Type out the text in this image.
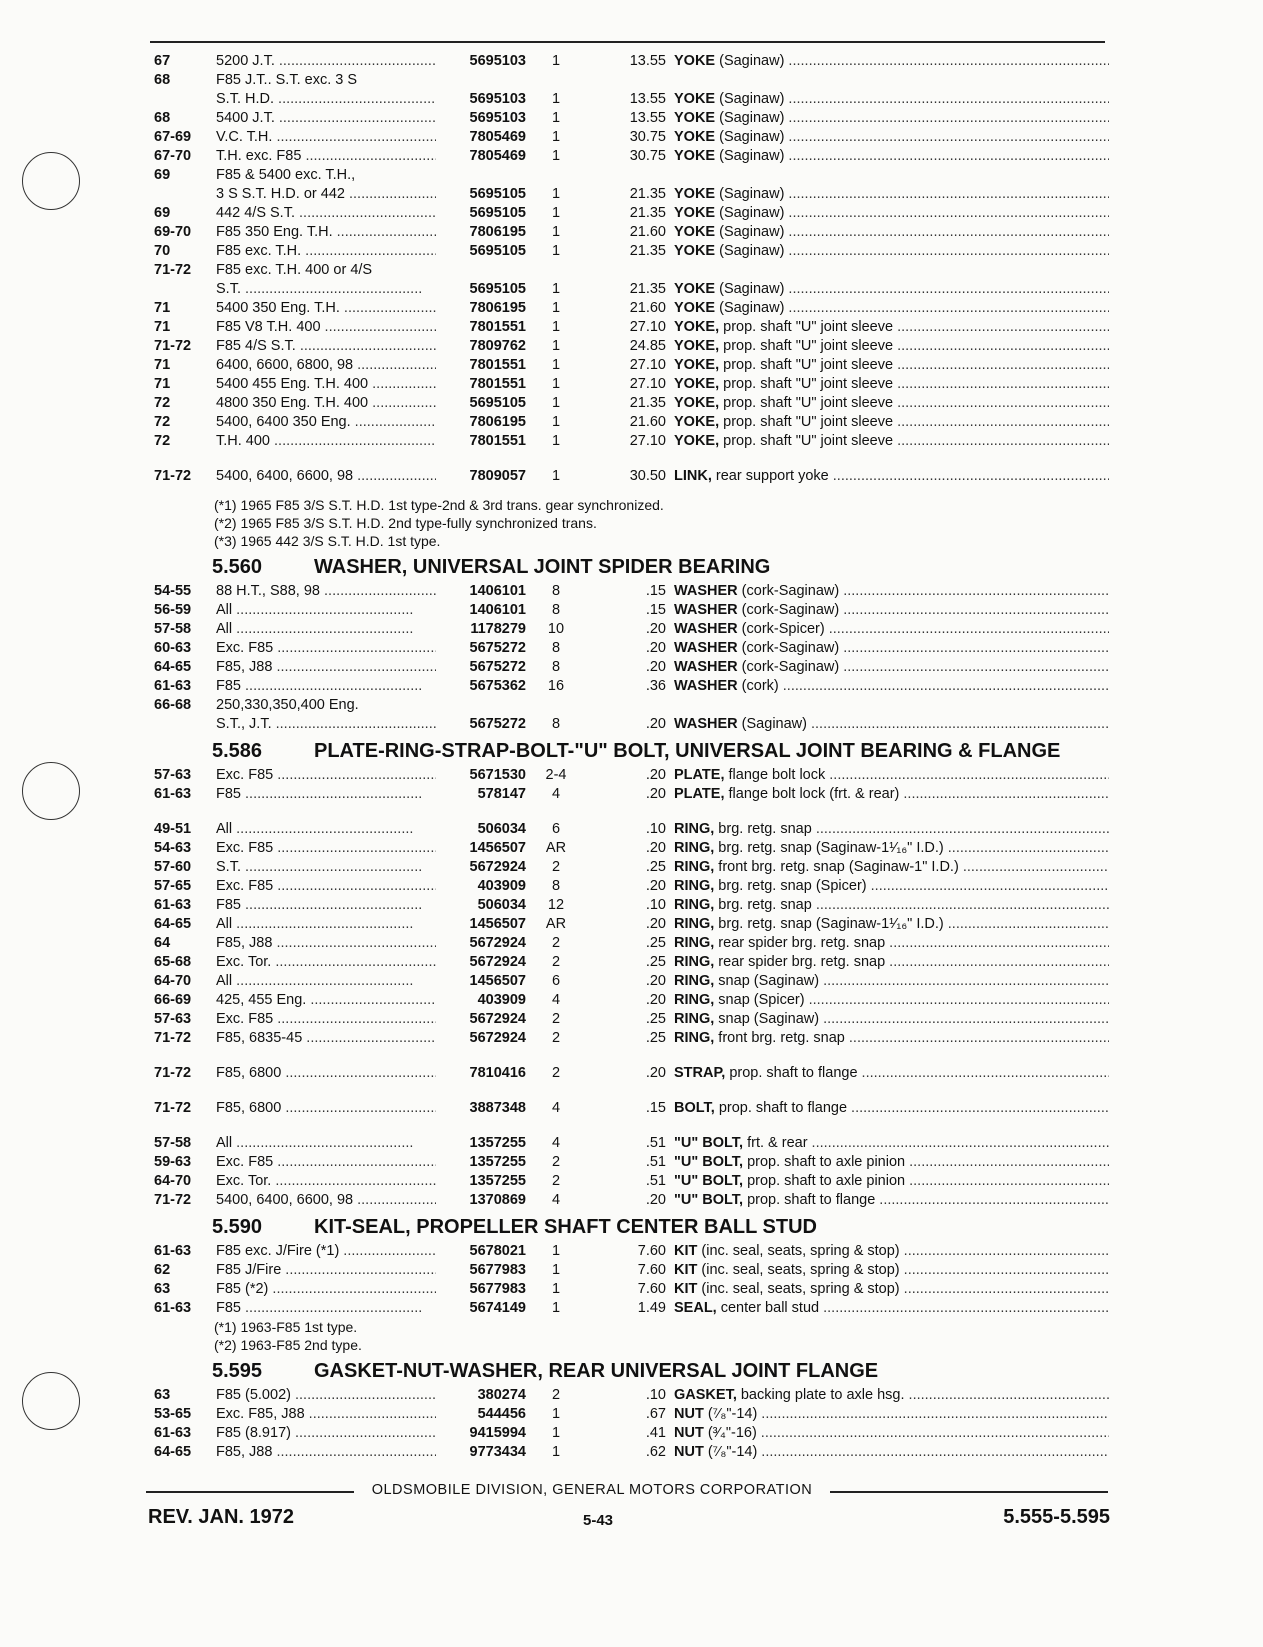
67	5200 J.T. .....	5695103	1	13.55 YOKE (Saginaw) .....
68	F85 J.T.. S.T. exc. 3 S
S.T. H.D. .....	5695103	1	13.55 YOKE (Saginaw) .....
68	5400 J.T. .....	5695103	1	13.55 YOKE (Saginaw) .....
67-69	V.C. T.H. .....	7805469	1	30.75 YOKE (Saginaw) .....
67-70	T.H. exc. F85 .....	7805469	1	30.75 YOKE (Saginaw) .....
69	F85 & 5400 exc. T.H.,
3 S S.T. H.D. or 442 .....	5695105	1	21.35 YOKE (Saginaw) .....
69	442 4/S S.T. .....	5695105	1	21.35 YOKE (Saginaw) .....
69-70	F85 350 Eng. T.H. .....	7806195	1	21.60 YOKE (Saginaw) .....
70	F85 exc. T.H. .....	5695105	1	21.35 YOKE (Saginaw) .....
71-72	F85 exc. T.H. 400 or 4/S
S.T. .....	5695105	1	21.35 YOKE (Saginaw) .....
71	5400 350 Eng. T.H. .....	7806195	1	21.60 YOKE (Saginaw) .....
71	F85 V8 T.H. 400 .....	7801551	1	27.10 YOKE, prop. shaft "U" joint sleeve .....
71-72	F85 4/S S.T. .....	7809762	1	24.85 YOKE, prop. shaft "U" joint sleeve .....
71	6400, 6600, 6800, 98 .....	7801551	1	27.10 YOKE, prop. shaft "U" joint sleeve .....
71	5400 455 Eng. T.H. 400 .....	7801551	1	27.10 YOKE, prop. shaft "U" joint sleeve .....
72	4800 350 Eng. T.H. 400 .....	5695105	1	21.35 YOKE, prop. shaft "U" joint sleeve .....
72	5400, 6400 350 Eng. .....	7806195	1	21.60 YOKE, prop. shaft "U" joint sleeve .....
72	T.H. 400 .....	7801551	1	27.10 YOKE, prop. shaft "U" joint sleeve .....
71-72	5400, 6400, 6600, 98 .....	7809057	1	30.50 LINK, rear support yoke .....
(*1) 1965 F85 3/S S.T. H.D. 1st type-2nd & 3rd trans. gear synchronized.
(*2) 1965 F85 3/S S.T. H.D. 2nd type-fully synchronized trans.
(*3) 1965 442 3/S S.T. H.D. 1st type.
5.560	WASHER, UNIVERSAL JOINT SPIDER BEARING
54-55	88 H.T., S88, 98 .....	1406101	8	.15 WASHER (cork-Saginaw) .....
56-59	All .....	1406101	8	.15 WASHER (cork-Saginaw) .....
57-58	All .....	1178279	10	.20 WASHER (cork-Spicer) .....
60-63	Exc. F85 .....	5675272	8	.20 WASHER (cork-Saginaw) .....
64-65	F85, J88 .....	5675272	8	.20 WASHER (cork-Saginaw) .....
61-63	F85 .....	5675362	16	.36 WASHER (cork) .....
66-68	250,330,350,400 Eng.
S.T., J.T. .....	5675272	8	.20 WASHER (Saginaw) .....
5.586	PLATE-RING-STRAP-BOLT-"U" BOLT, UNIVERSAL JOINT BEARING & FLANGE
57-63	Exc. F85 .....	5671530	2-4	.20 PLATE, flange bolt lock .....
61-63	F85 .....	578147	4	.20 PLATE, flange bolt lock (frt. & rear) .....
49-51	All .....	506034	6	.10 RING, brg. retg. snap .....
54-63	Exc. F85 .....	1456507	AR	.20 RING, brg. retg. snap (Saginaw-1¹⁄₁₆" I.D.) .....
57-60	S.T. .....	5672924	2	.25 RING, front brg. retg. snap (Saginaw-1" I.D.) .....
57-65	Exc. F85 .....	403909	8	.20 RING, brg. retg. snap (Spicer) .....
61-63	F85 .....	506034	12	.10 RING, brg. retg. snap .....
64-65	All .....	1456507	AR	.20 RING, brg. retg. snap (Saginaw-1¹⁄₁₆" I.D.) .....
64	F85, J88 .....	5672924	2	.25 RING, rear spider brg. retg. snap .....
65-68	Exc. Tor. .....	5672924	2	.25 RING, rear spider brg. retg. snap .....
64-70	All .....	1456507	6	.20 RING, snap (Saginaw) .....
66-69	425, 455 Eng. .....	403909	4	.20 RING, snap (Spicer) .....
57-63	Exc. F85 .....	5672924	2	.25 RING, snap (Saginaw) .....
71-72	F85, 6835-45 .....	5672924	2	.25 RING, front brg. retg. snap .....
71-72	F85, 6800 .....	7810416	2	.20 STRAP, prop. shaft to flange .....
71-72	F85, 6800 .....	3887348	4	.15 BOLT, prop. shaft to flange .....
57-58	All .....	1357255	4	.51 "U" BOLT, frt. & rear .....
59-63	Exc. F85 .....	1357255	2	.51 "U" BOLT, prop. shaft to axle pinion .....
64-70	Exc. Tor. .....	1357255	2	.51 "U" BOLT, prop. shaft to axle pinion .....
71-72	5400, 6400, 6600, 98 .....	1370869	4	.20 "U" BOLT, prop. shaft to flange .....
5.590	KIT-SEAL, PROPELLER SHAFT CENTER BALL STUD
61-63	F85 exc. J/Fire (*1) .....	5678021	1	7.60 KIT (inc. seal, seats, spring & stop) .....
62	F85 J/Fire .....	5677983	1	7.60 KIT (inc. seal, seats, spring & stop) .....
63	F85 (*2) .....	5677983	1	7.60 KIT (inc. seal, seats, spring & stop) .....
61-63	F85 .....	5674149	1	1.49 SEAL, center ball stud .....
(*1) 1963-F85 1st type.
(*2) 1963-F85 2nd type.
5.595	GASKET-NUT-WASHER, REAR UNIVERSAL JOINT FLANGE
63	F85 (5.002) .....	380274	2	.10 GASKET, backing plate to axle hsg. .....
53-65	Exc. F85, J88 .....	544456	1	.67 NUT (⁷⁄₈"-14) .....
61-63	F85 (8.917) .....	9415994	1	.41 NUT (³⁄₄"-16) .....
64-65	F85, J88 .....	9773434	1	.62 NUT (⁷⁄₈"-14) .....
OLDSMOBILE DIVISION, GENERAL MOTORS CORPORATION
REV. JAN. 1972	5-43	5.555-5.595
